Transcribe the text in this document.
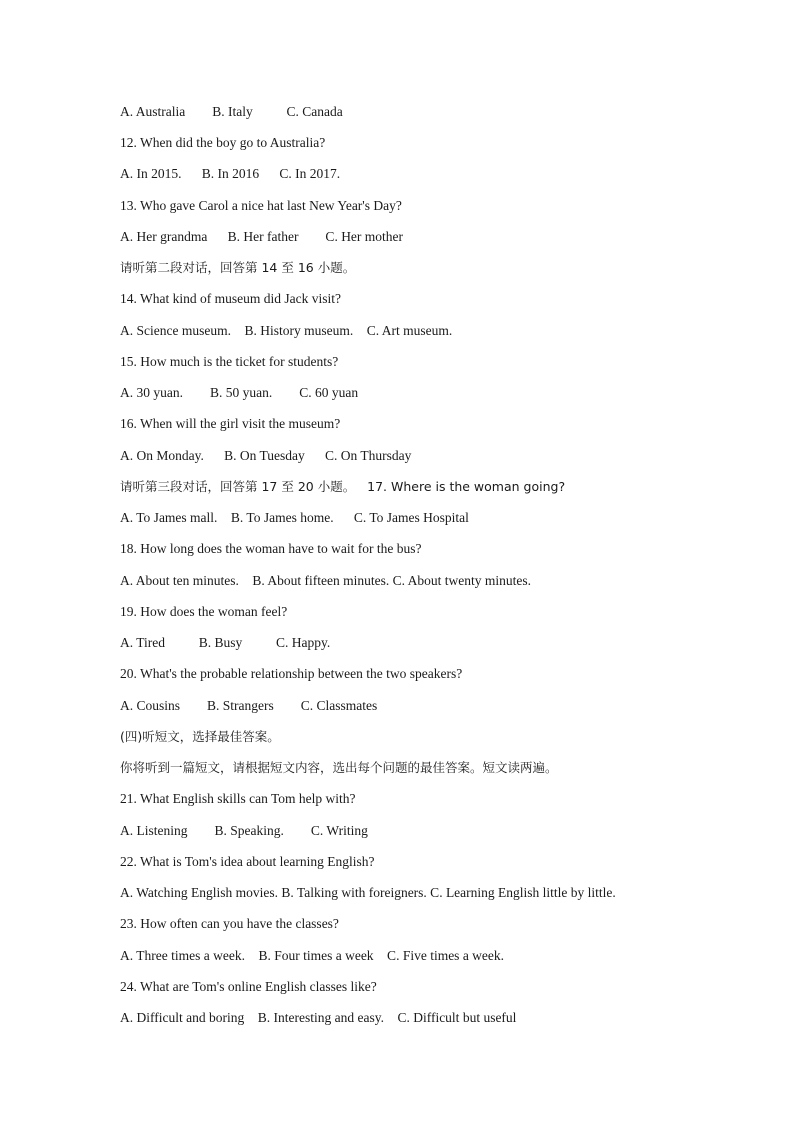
A. Australia        B. Italy          C. Canada
12. When did the boy go to Australia?
A. In 2015.      B. In 2016      C. In 2017.
13. Who gave Carol a nice hat last New Year's Day?
A. Her grandma      B. Her father        C. Her mother
请听第二段对话，回答第 14 至 16 小题。
14. What kind of museum did Jack visit?
A. Science museum.    B. History museum.    C. Art museum.
15. How much is the ticket for students?
A. 30 yuan.        B. 50 yuan.        C. 60 yuan
16. When will the girl visit the museum?
A. On Monday.      B. On Tuesday      C. On Thursday
请听第三段对话，回答第 17 至 20 小题。   17. Where is the woman going?
A. To James mall.    B. To James home.      C. To James Hospital
18. How long does the woman have to wait for the bus?
A. About ten minutes.    B. About fifteen minutes. C. About twenty minutes.
19. How does the woman feel?
A. Tired          B. Busy          C. Happy.
20. What's the probable relationship between the two speakers?
A. Cousins        B. Strangers        C. Classmates
(四)听短文，选择最佳答案。
你将听到一篇短文，请根据短文内容，选出每个问题的最佳答案。短文读两遍。
A. Listening        B. Speaking.        C. Writing
21. What English skills can Tom help with?
22. What is Tom's idea about learning English?
A. Watching English movies. B. Talking with foreigners. C. Learning English little by little.
23. How often can you have the classes?
A. Three times a week.    B. Four times a week    C. Five times a week.
24. What are Tom's online English classes like?
A. Difficult and boring    B. Interesting and easy.    C. Difficult but useful
